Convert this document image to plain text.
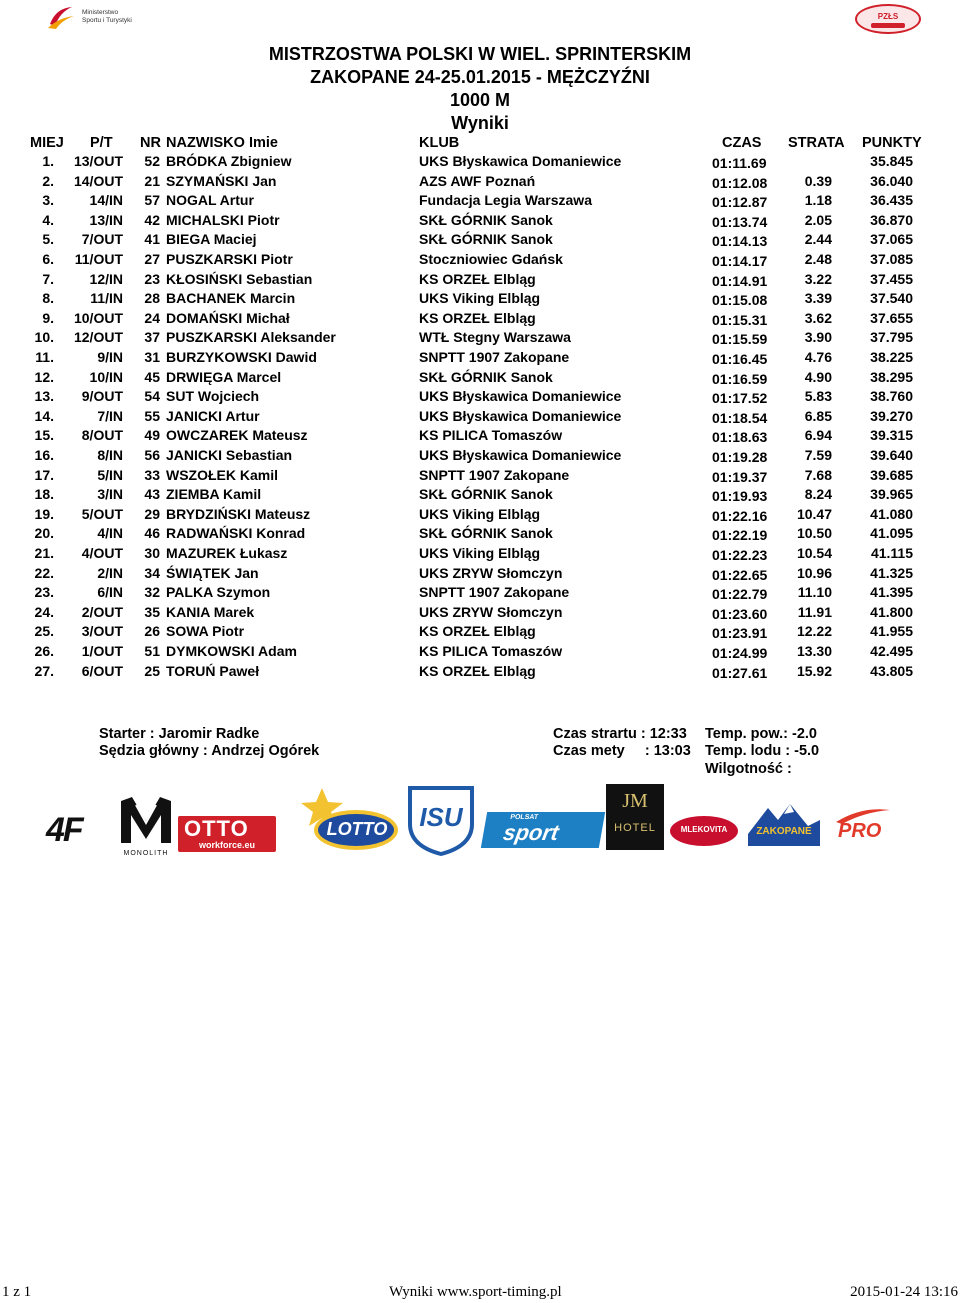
Ministerstwo
Sportu i Turystyki	PZŁS
MISTRZOSTWA POLSKI W WIEL. SPRINTERSKIM
ZAKOPANE 24-25.01.2015 - MĘŻCZYŹNI
1000 M
Wyniki
MIEJ P/T NR NAZWISKO Imie	KLUB	CZAS STRATA PUNKTY
1. 13/OUT 52 BRÓDKA Zbigniew	UKS Błyskawica Domaniewice	01:11.69	35.845
2. 14/OUT 21 SZYMAŃSKI Jan	AZS AWF Poznań	01:12.08	0.39	36.040
3.	14/IN 57 NOGAL Artur	Fundacja Legia Warszawa	01:12.87	1.18	36.435
4.	13/IN 42 MICHALSKI Piotr	SKŁ GÓRNIK Sanok	01:13.74	2.05	36.870
5. 7/OUT 41 BIEGA Maciej	SKŁ GÓRNIK Sanok	01:14.13	2.44	37.065
6. 11/OUT 27 PUSZKARSKI Piotr	Stoczniowiec Gdańsk	01:14.17	2.48	37.085
7.	12/IN 23 KŁOSIŃSKI Sebastian	KS ORZEŁ Elbląg	01:14.91	3.22	37.455
8.	11/IN 28 BACHANEK Marcin	UKS Viking Elbląg	01:15.08	3.39	37.540
9. 10/OUT 24 DOMAŃSKI Michał	KS ORZEŁ Elbląg	01:15.31	3.62	37.655
10. 12/OUT 37 PUSZKARSKI Aleksander	WTŁ Stegny Warszawa	01:15.59	3.90	37.795
11.	9/IN 31 BURZYKOWSKI Dawid	SNPTT 1907 Zakopane	01:16.45	4.76	38.225
12.	10/IN 45 DRWIĘGA Marcel	SKŁ GÓRNIK Sanok	01:16.59	4.90	38.295
13. 9/OUT 54 SUT Wojciech	UKS Błyskawica Domaniewice	01:17.52	5.83	38.760
14.	7/IN 55 JANICKI Artur	UKS Błyskawica Domaniewice	01:18.54	6.85	39.270
15. 8/OUT 49 OWCZAREK Mateusz	KS PILICA Tomaszów	01:18.63	6.94	39.315
16.	8/IN 56 JANICKI Sebastian	UKS Błyskawica Domaniewice	01:19.28	7.59	39.640
17.	5/IN 33 WSZOŁEK Kamil	SNPTT 1907 Zakopane	01:19.37	7.68	39.685
18.	3/IN 43 ZIEMBA Kamil	SKŁ GÓRNIK Sanok	01:19.93	8.24	39.965
19. 5/OUT 29 BRYDZIŃSKI Mateusz	UKS Viking Elbląg	01:22.16 10.47	41.080
20.	4/IN 46 RADWAŃSKI Konrad	SKŁ GÓRNIK Sanok	01:22.19 10.50	41.095
21. 4/OUT 30 MAZUREK Łukasz	UKS Viking Elbląg	01:22.23 10.54	41.115
22.	2/IN 34 ŚWIĄTEK Jan	UKS ZRYW Słomczyn	01:22.65 10.96	41.325
23.	6/IN 32 PALKA Szymon	SNPTT 1907 Zakopane	01:22.79 11.10	41.395
24. 2/OUT 35 KANIA Marek	UKS ZRYW Słomczyn	01:23.60 11.91	41.800
25. 3/OUT 26 SOWA Piotr	KS ORZEŁ Elbląg	01:23.91 12.22	41.955
26. 1/OUT 51 DYMKOWSKI Adam	KS PILICA Tomaszów	01:24.99 13.30	42.495
27. 6/OUT 25 TORUŃ Paweł	KS ORZEŁ Elbląg	01:27.61 15.92	43.805
Starter : Jaromir Radke
Sędzia główny : Andrzej Ogórek
Czas strartu : 12:33
Czas mety     : 13:03
Temp. pow.: -2.0
Temp. lodu : -5.0
Wilgotność :
4F
MONOLITH
OTTO
workforce.eu
LOTTO	ISU	POLSAT
sport
JM
HOTEL	MLEKOVITA	ZAKOPANE	PRO
1 z 1	Wyniki www.sport-timing.pl	2015-01-24 13:16
